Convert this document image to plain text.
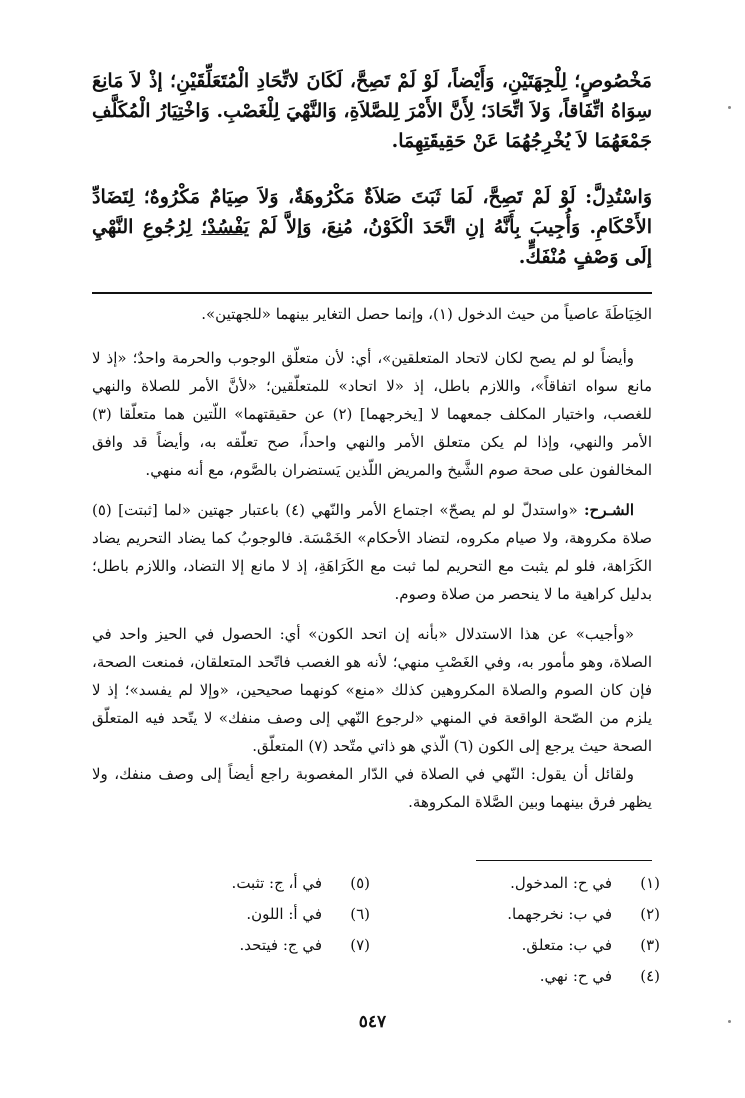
مَخْصُوصٍ؛ لِلْجِهَتَيْنِ، وَأَيْضاً، لَوْ لَمْ تَصِحَّ، لَكَانَ لاتِّحَادِ الْمُتَعَلِّقَيْنِ؛ إذْ لاَ مَانِعَ سِوَاهُ اتِّفَاقاً، وَلاَ اتِّحَادَ؛ لِأَنَّ الأَمْرَ لِلصَّلاَةِ، وَالنَّهْيَ لِلْغَصْبِ. وَاخْتِيَارُ الْمُكَلَّفِ جَمْعَهُمَا لاَ يُخْرِجُهُمَا عَنْ حَقِيقَتِهِمَا.

وَاسْتُدِلَّ: لَوْ لَمْ تَصِحَّ، لَمَا ثَبَتَ صَلاَةٌ مَكْرُوهَةٌ، وَلاَ صِيَامٌ مَكْرُوهٌ؛ لِتَضَادِّ الأَحْكَامِ. وَأُجِيبَ بِأَنَّهُ إنِ اتَّحَدَ الْكَوْنُ، مُنِعَ، وَإلاَّ لَمْ يَفْسُدْ؛ لِرُجُوعِ النَّهْيِ إلَى وَصْفٍ مُنْفَكٍّ.

الخِيَاطَةَ عاصياً من حيث الدخول (١)، وإنما حصل التغاير بينهما «للجهتين».

وأيضاً لو لم يصح لكان لاتحاد المتعلقين»، أي: لأن متعلّق الوجوب والحرمة واحدٌ؛ «إذ لا مانع سواه اتفاقاً»، واللازم باطل، إذ «لا اتحاد» للمتعلّقين؛ «لأنَّ الأمر للصلاة والنهي للغصب، واختيار المكلف جمعهما لا [يخرجهما] (٢) عن حقيقتهما» اللّتين هما متعلّقا (٣) الأمر والنهي، وإذا لم يكن متعلق الأمر والنهي واحداً، صح تعلّقه به، وأيضاً قد وافق المخالفون على صحة صوم الشَّيخ والمريض اللّذين يَستضران بالصَّوم، مع أنه منهي.

الشـرح: «واستدلّ لو لم يصحّ» اجتماع الأمر والنّهي (٤) باعتبار جهتين «لما [ثبتت] (٥) صلاة مكروهة، ولا صيام مكروه، لتضاد الأحكام» الخَمْسَة. فالوجوبُ كما يضاد التحريم يضاد الكَرَاهة، فلو لم يثبت مع التحريم لما ثبت مع الكَرَاهَةِ، إذ لا مانع إلا التضاد، واللازم باطل؛ بدليل كراهية ما لا ينحصر من صلاة وصوم.

«وأجيب» عن هذا الاستدلال «بأنه إن اتحد الكون» أي: الحصول في الحيز واحد في الصلاة، وهو مأمور به، وفي الغَصْبِ منهي؛ لأنه هو الغصب فاتّحد المتعلقان، فمنعت الصحة، فإن كان الصوم والصلاة المكروهين كذلك «منع» كونهما صحيحين، «وإلا لم يفسد»؛ إذ لا يلزم من الصّحة الواقعة في المنهي «لرجوع النّهي إلى وصف منفك» لا يتّحد فيه المتعلّق الصحة حيث يرجع إلى الكون (٦) الّذي هو ذاتي متّحد (٧) المتعلّق.

ولقائل أن يقول: النّهي في الصلاة في الدّار المغصوبة راجع أيضاً إلى وصف منفك، ولا يظهر فرق بينهما وبين الصَّلاة المكروهة.

(١)
في ح: المدخول.
(٢)
في ب: نخرجهما.
(٣)
في ب: متعلق.
(٤)
في ح: نهي.
(٥)
في أ، ج: تثبت.
(٦)
في أ: اللون.
(٧)
في ج: فيتحد.
٥٤٧
